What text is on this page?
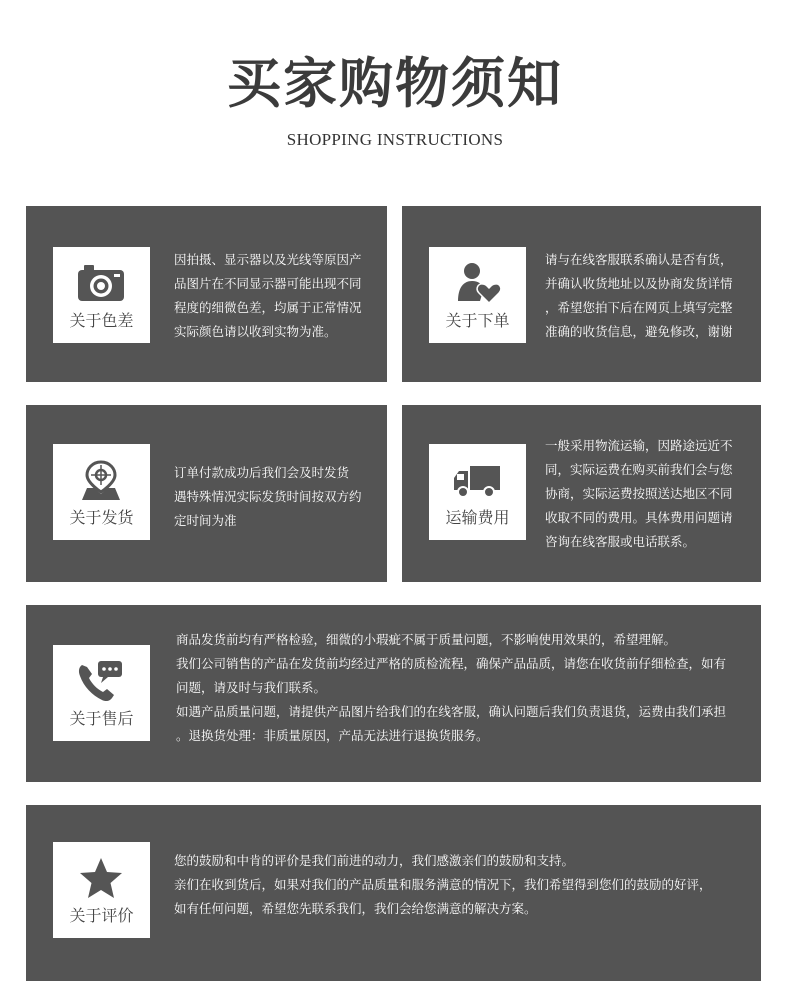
买家购物须知
SHOPPING INSTRUCTIONS
关于色差

因拍摄、显示器以及光线等原因产

品图片在不同显示器可能出现不同

程度的细微色差，均属于正常情况

实际颜色请以收到实物为准。

关于下单

请与在线客服联系确认是否有货，

并确认收货地址以及协商发货详情

，希望您拍下后在网页上填写完整

准确的收货信息，避免修改，谢谢

关于发货

订单付款成功后我们会及时发货

遇特殊情况实际发货时间按双方约

定时间为准	运输费用

一般采用物流运输，因路途远近不

同，实际运费在购买前我们会与您

协商，实际运费按照送达地区不同

收取不同的费用。具体费用问题请

咨询在线客服或电话联系。

关于售后

商品发货前均有严格检验，细微的小瑕疵不属于质量问题，不影响使用效果的，希望理解。

我们公司销售的产品在发货前均经过严格的质检流程，确保产品品质，请您在收货前仔细检查，如有

问题，请及时与我们联系。

如遇产品质量问题，请提供产品图片给我们的在线客服，确认问题后我们负责退货，运费由我们承担

。退换货处理：非质量原因，产品无法进行退换货服务。

关于评价

您的鼓励和中肯的评价是我们前进的动力，我们感激亲们的鼓励和支持。

亲们在收到货后，如果对我们的产品质量和服务满意的情况下，我们希望得到您们的鼓励的好评，

如有任何问题，希望您先联系我们，我们会给您满意的解决方案。
